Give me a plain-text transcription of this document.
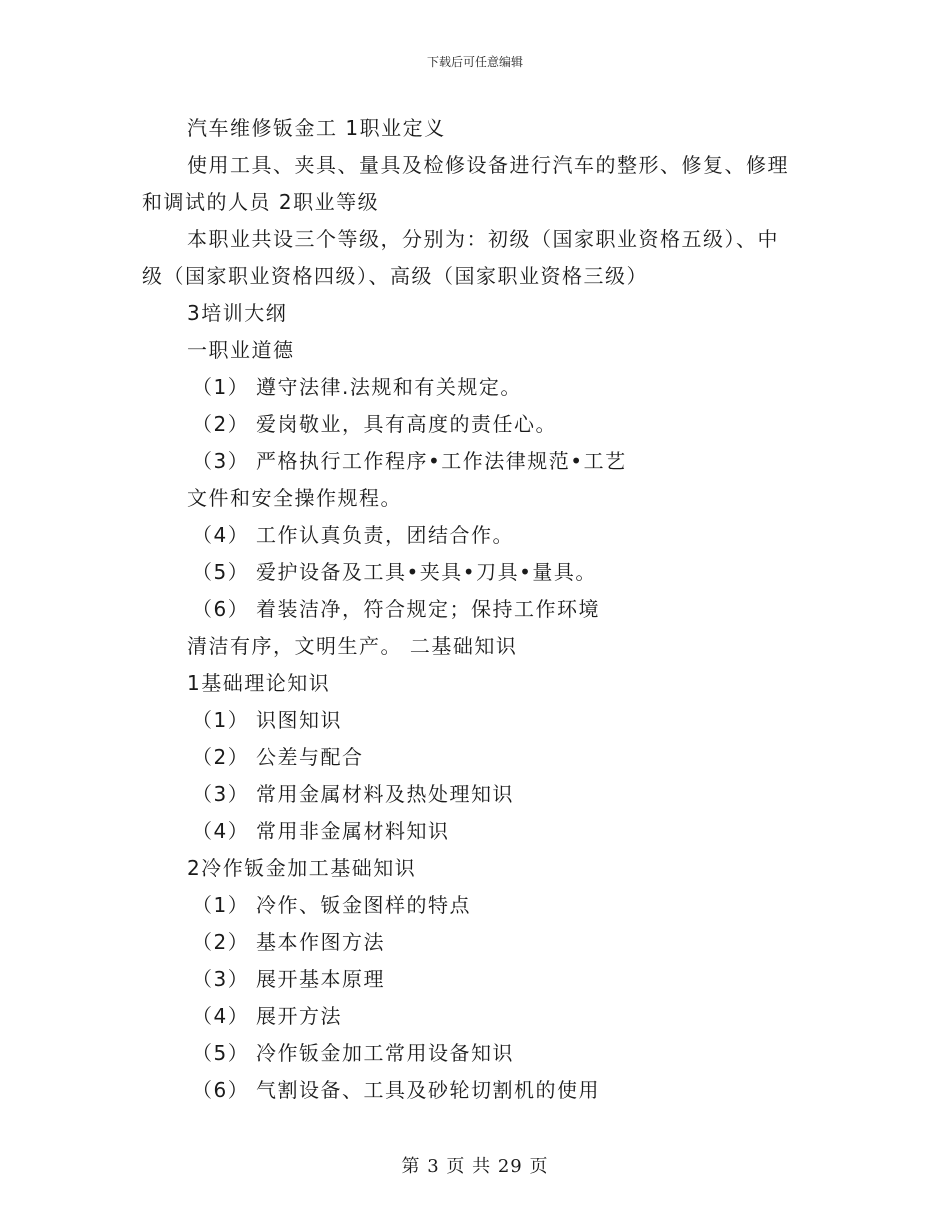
下载后可任意编辑
汽车维修钣金工 1职业定义
使用工具、夹具、量具及检修设备进行汽车的整形、修复、修理
和调试的人员 2职业等级
本职业共设三个等级，分别为：初级（国家职业资格五级）、中
级（国家职业资格四级）、高级（国家职业资格三级）
3培训大纲
一职业道德
（1） 遵守法律.法规和有关规定。
（2） 爱岗敬业，具有高度的责任心。
（3） 严格执行工作程序•工作法律规范•工艺
文件和安全操作规程。
（4） 工作认真负责，团结合作。
（5） 爱护设备及工具•夹具•刀具•量具。
（6） 着装洁净，符合规定；保持工作环境
清洁有序，文明生产。 二基础知识
1基础理论知识
（1） 识图知识
（2） 公差与配合
（3） 常用金属材料及热处理知识
（4） 常用非金属材料知识
2冷作钣金加工基础知识
（1） 冷作、钣金图样的特点
（2） 基本作图方法
（3） 展开基本原理
（4） 展开方法
（5） 冷作钣金加工常用设备知识
（6） 气割设备、工具及砂轮切割机的使用
第 3 页 共 29 页
